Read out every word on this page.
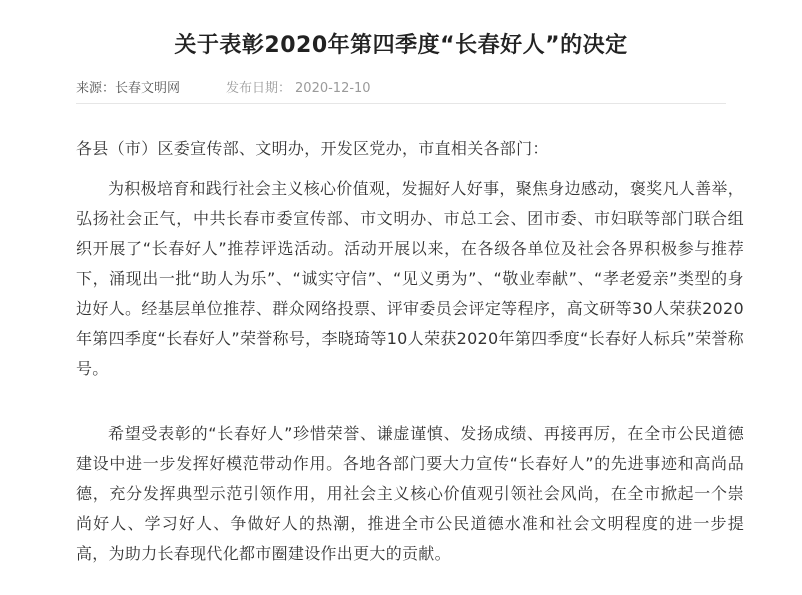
关于表彰2020年第四季度“长春好人”的决定
来源：长春文明网	发布日期： 2020-12-10
各县（市）区委宣传部、文明办，开发区党办，市直相关各部门：

为积极培育和践行社会主义核心价值观，发掘好人好事，聚焦身边感动，褒奖凡人善举，弘扬社会正气，中共长春市委宣传部、市文明办、市总工会、团市委、市妇联等部门联合组织开展了“长春好人”推荐评选活动。活动开展以来，在各级各单位及社会各界积极参与推荐下，涌现出一批“助人为乐”、“诚实守信”、“见义勇为”、“敬业奉献”、“孝老爱亲”类型的身边好人。经基层单位推荐、群众网络投票、评审委员会评定等程序，高文研等30人荣获2020年第四季度“长春好人”荣誉称号，李晓琦等10人荣获2020年第四季度“长春好人标兵”荣誉称号。

希望受表彰的“长春好人”珍惜荣誉、谦虚谨慎、发扬成绩、再接再厉，在全市公民道德建设中进一步发挥好模范带动作用。各地各部门要大力宣传“长春好人”的先进事迹和高尚品德，充分发挥典型示范引领作用，用社会主义核心价值观引领社会风尚，在全市掀起一个崇尚好人、学习好人、争做好人的热潮，推进全市公民道德水准和社会文明程度的进一步提高，为助力长春现代化都市圈建设作出更大的贡献。
